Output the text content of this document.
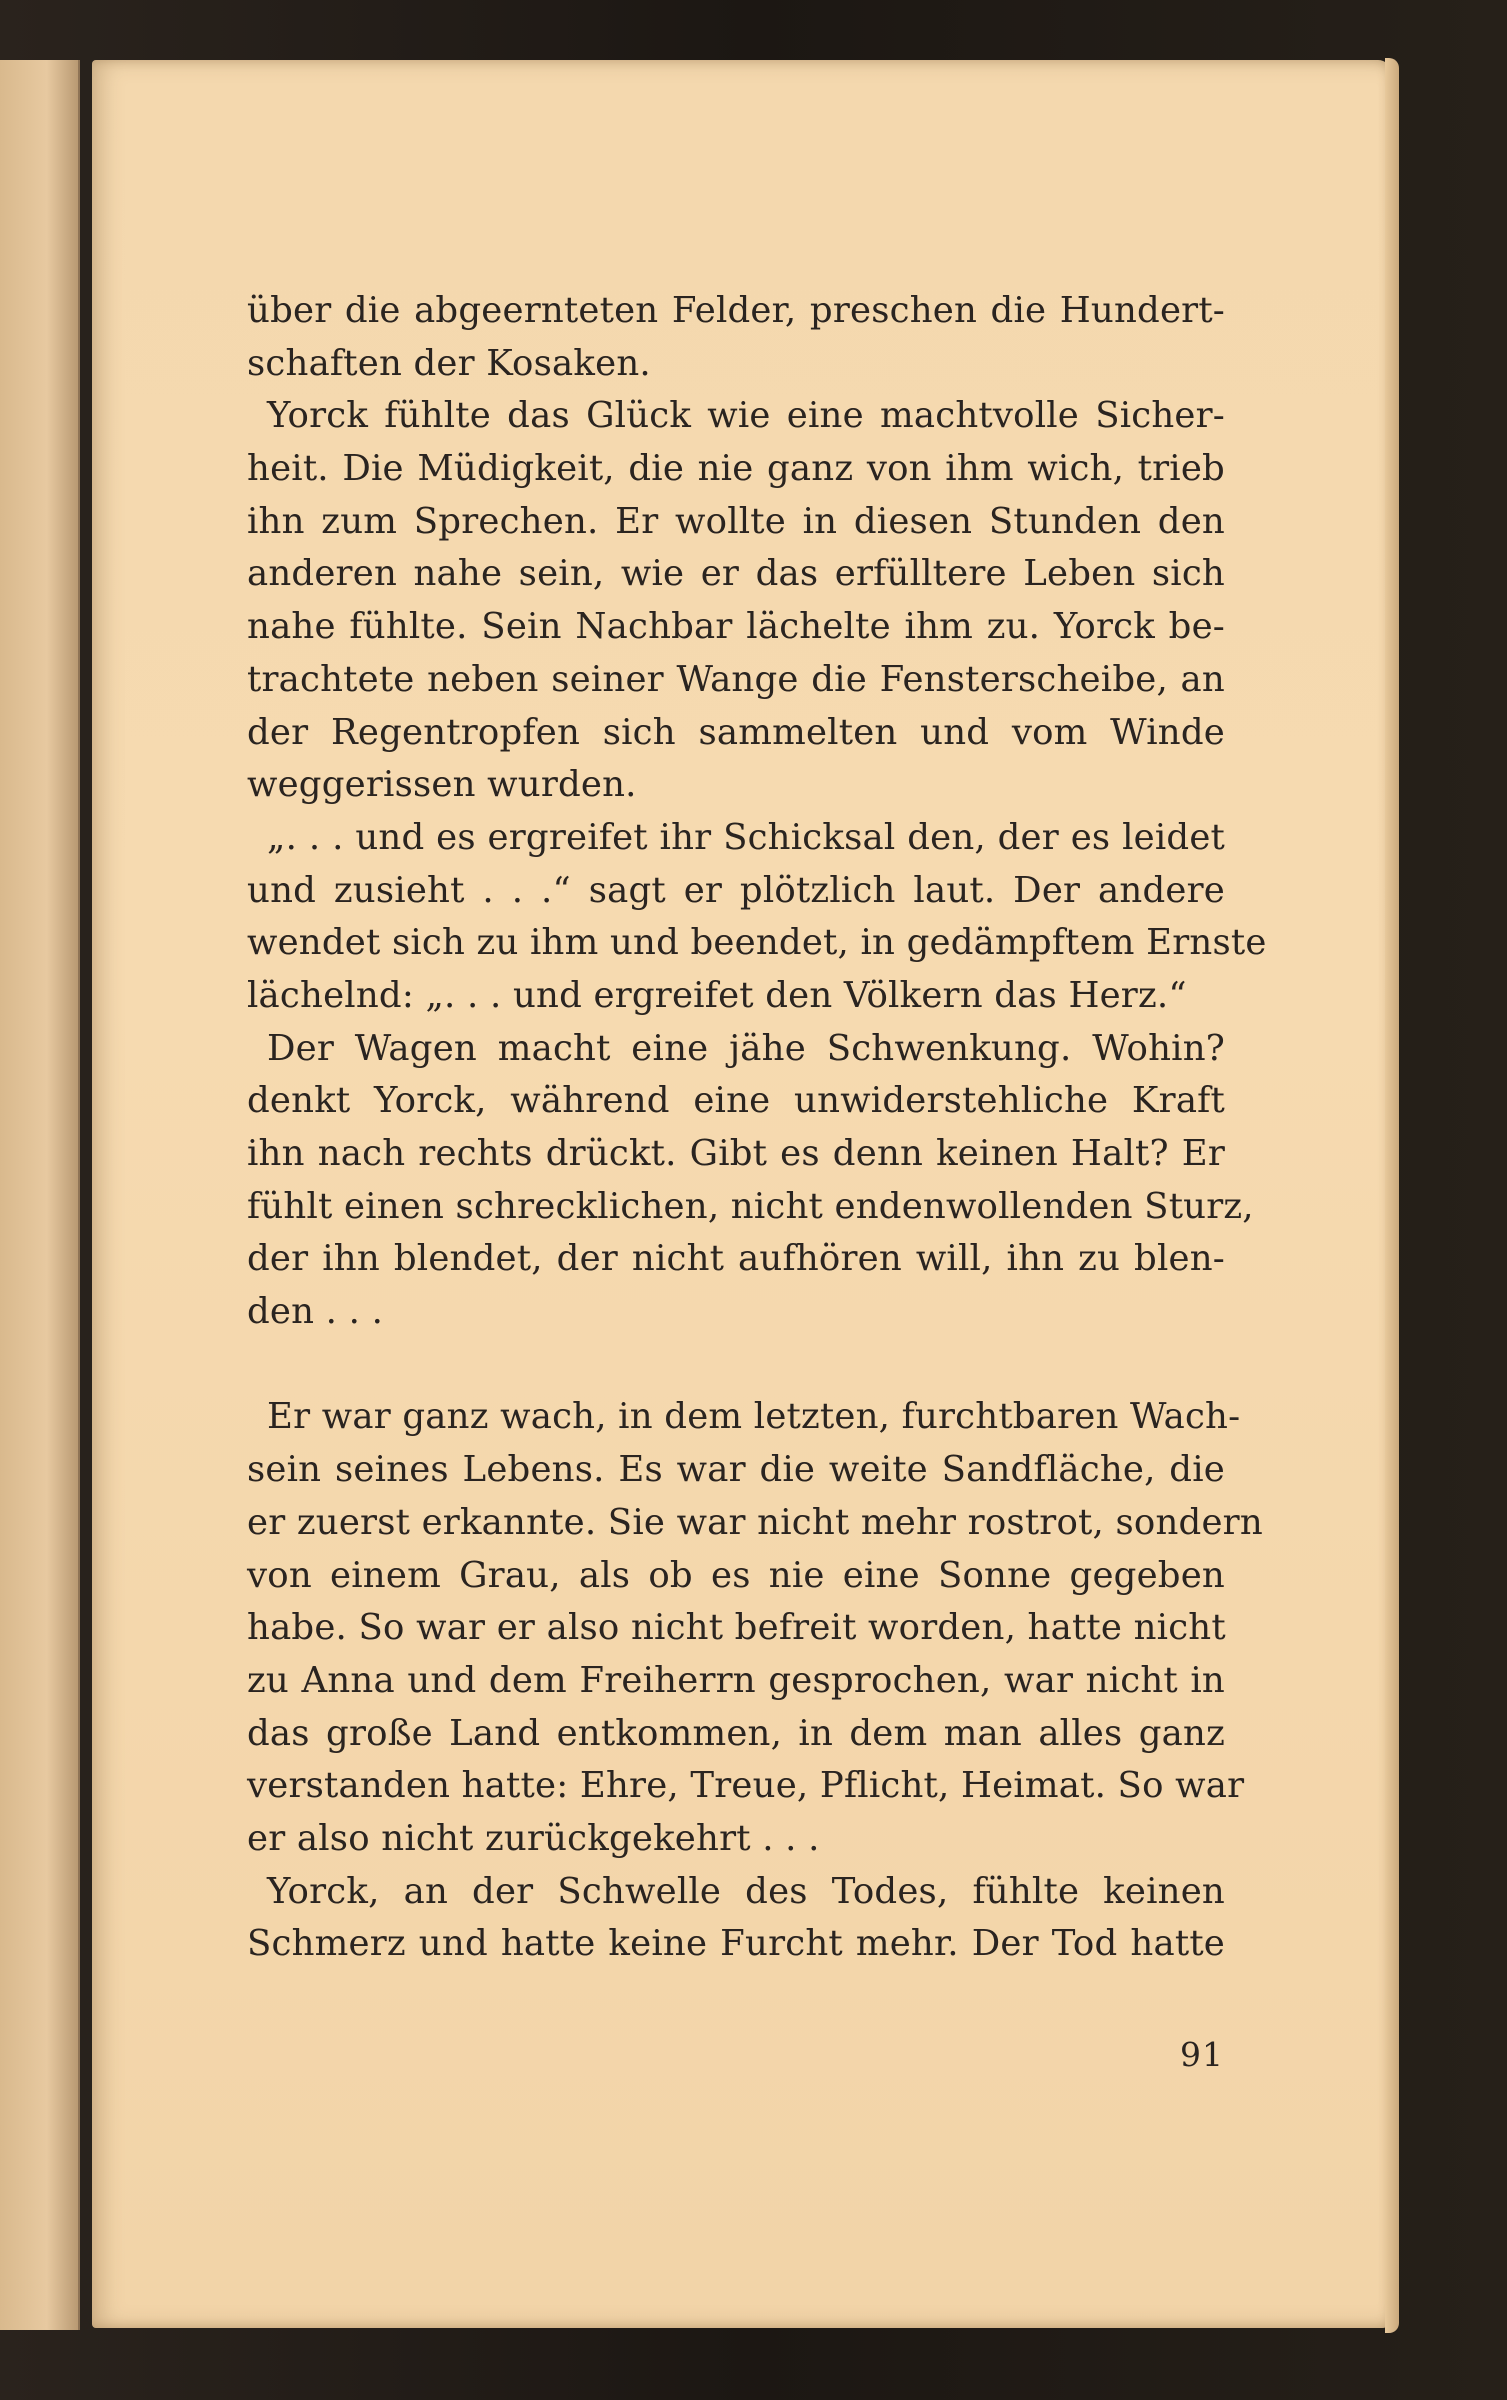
über die abgeernteten Felder, preschen die Hundert-
schaften der Kosaken.
Yorck fühlte das Glück wie eine machtvolle Sicher-
heit. Die Müdigkeit, die nie ganz von ihm wich, trieb
ihn zum Sprechen. Er wollte in diesen Stunden den
anderen nahe sein, wie er das erfülltere Leben sich
nahe fühlte. Sein Nachbar lächelte ihm zu. Yorck be-
trachtete neben seiner Wange die Fensterscheibe, an
der Regentropfen sich sammelten und vom Winde
weggerissen wurden.
„. . . und es ergreifet ihr Schicksal den, der es leidet
und zusieht . . .“ sagt er plötzlich laut. Der andere
wendet sich zu ihm und beendet, in gedämpftem Ernste
lächelnd: „. . . und ergreifet den Völkern das Herz.“
Der Wagen macht eine jähe Schwenkung. Wohin?
denkt Yorck, während eine unwiderstehliche Kraft
ihn nach rechts drückt. Gibt es denn keinen Halt? Er
fühlt einen schrecklichen, nicht endenwollenden Sturz,
der ihn blendet, der nicht aufhören will, ihn zu blen-
den . . .
Er war ganz wach, in dem letzten, furchtbaren Wach-
sein seines Lebens. Es war die weite Sandfläche, die
er zuerst erkannte. Sie war nicht mehr rostrot, sondern
von einem Grau, als ob es nie eine Sonne gegeben
habe. So war er also nicht befreit worden, hatte nicht
zu Anna und dem Freiherrn gesprochen, war nicht in
das große Land entkommen, in dem man alles ganz
verstanden hatte: Ehre, Treue, Pflicht, Heimat. So war
er also nicht zurückgekehrt . . .
Yorck, an der Schwelle des Todes, fühlte keinen
Schmerz und hatte keine Furcht mehr. Der Tod hatte
91
